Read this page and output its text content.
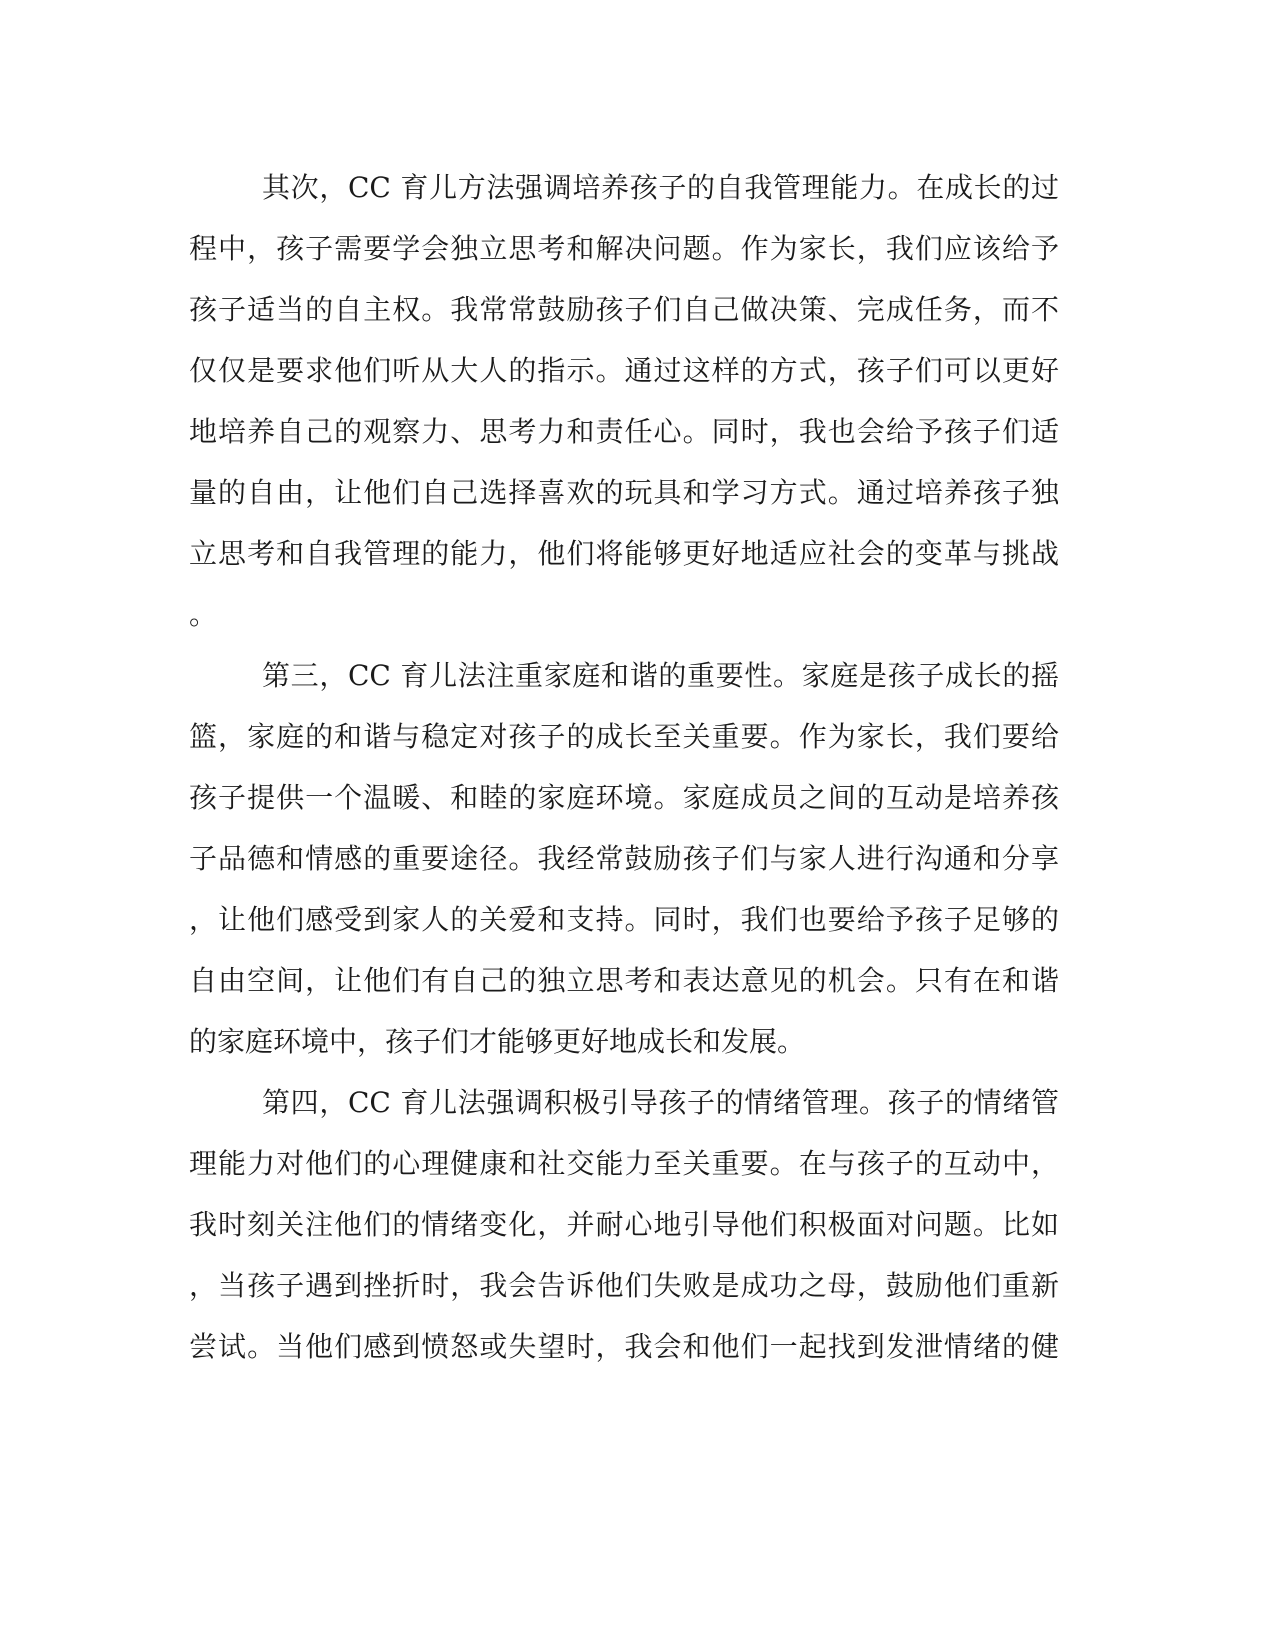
其次，CC 育儿方法强调培养孩子的自我管理能力。在成长的过
程中，孩子需要学会独立思考和解决问题。作为家长，我们应该给予
孩子适当的自主权。我常常鼓励孩子们自己做决策、完成任务，而不
仅仅是要求他们听从大人的指示。通过这样的方式，孩子们可以更好
地培养自己的观察力、思考力和责任心。同时，我也会给予孩子们适
量的自由，让他们自己选择喜欢的玩具和学习方式。通过培养孩子独
立思考和自我管理的能力，他们将能够更好地适应社会的变革与挑战
。
第三，CC 育儿法注重家庭和谐的重要性。家庭是孩子成长的摇
篮，家庭的和谐与稳定对孩子的成长至关重要。作为家长，我们要给
孩子提供一个温暖、和睦的家庭环境。家庭成员之间的互动是培养孩
子品德和情感的重要途径。我经常鼓励孩子们与家人进行沟通和分享
，让他们感受到家人的关爱和支持。同时，我们也要给予孩子足够的
自由空间，让他们有自己的独立思考和表达意见的机会。只有在和谐
的家庭环境中，孩子们才能够更好地成长和发展。
第四，CC 育儿法强调积极引导孩子的情绪管理。孩子的情绪管
理能力对他们的心理健康和社交能力至关重要。在与孩子的互动中，
我时刻关注他们的情绪变化，并耐心地引导他们积极面对问题。比如
，当孩子遇到挫折时，我会告诉他们失败是成功之母，鼓励他们重新
尝试。当他们感到愤怒或失望时，我会和他们一起找到发泄情绪的健
